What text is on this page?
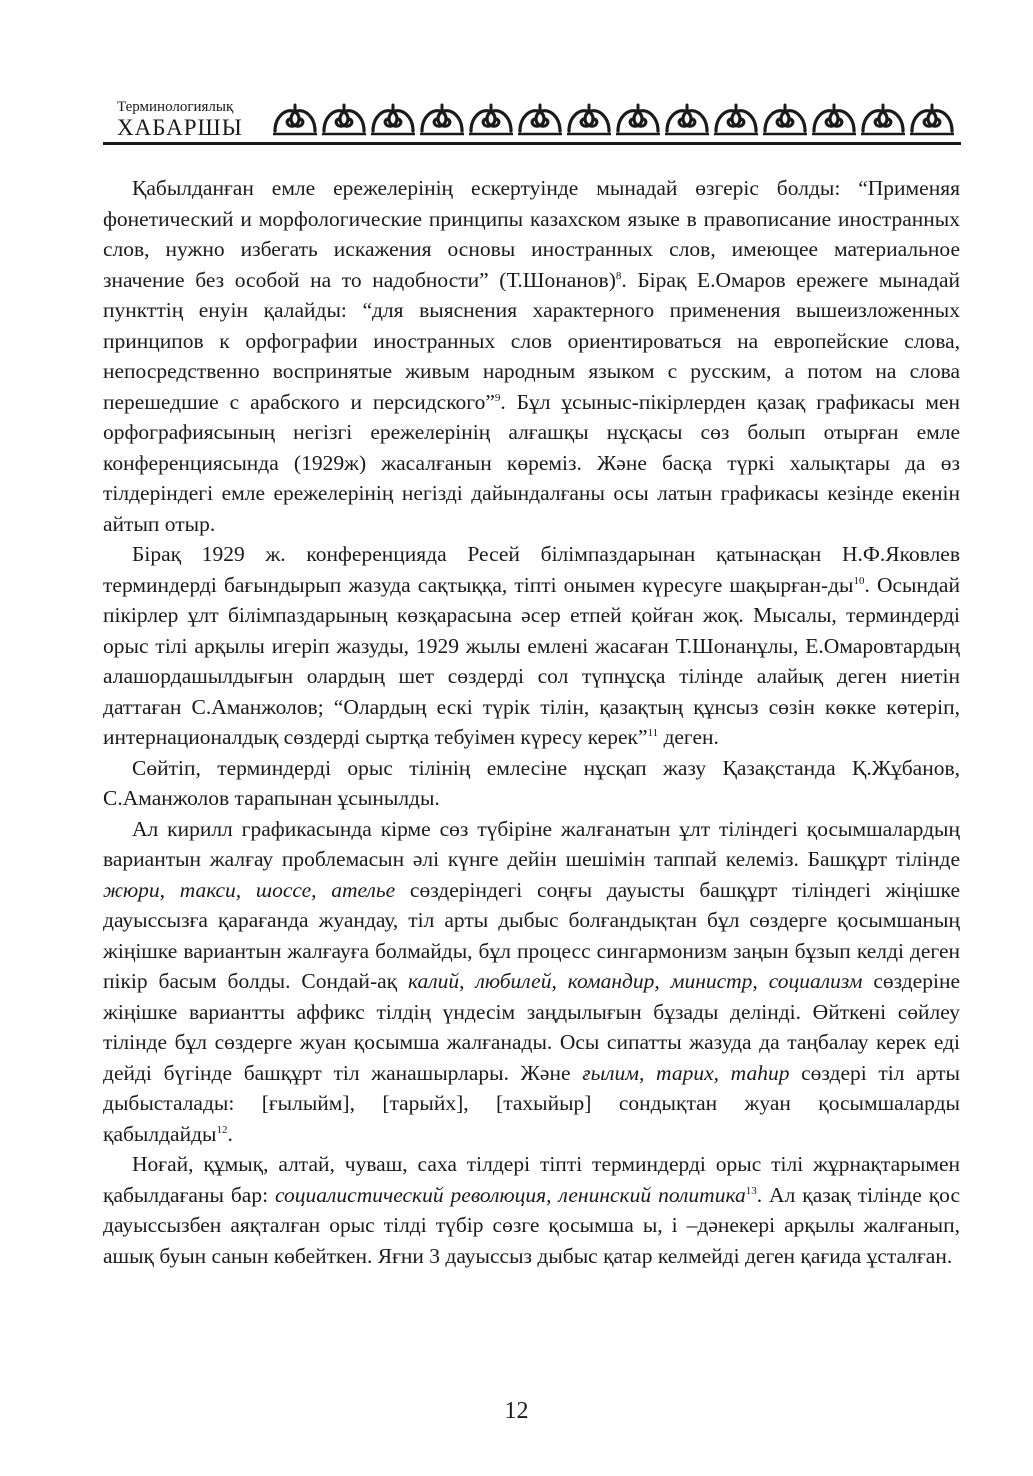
Терминологиялық
ХАБАРШЫ

Қабылданған емле ережелерінің ескертуінде мынадай өзгеріс болды: “Применяя фонетический и морфологические принципы казахском языке в правописание иностранных слов, нужно избегать искажения основы иностранных слов, имеющее материальное значение без особой на то надобности” (Т.Шонанов)$^8$. Бірақ Е.Омаров ережеге мынадай пункттің енуін қалайды: “для выяснения характерного применения вышеизложенных принципов к орфографии иностранных слов ориентироваться на европейские слова, непосредственно воспринятые живым народным языком с русским, а потом на слова перешедшие с арабского и персидского”$^9$. Бұл ұсыныс-пікірлерден қазақ графикасы мен орфографиясының негізгі ережелерінің алғашқы нұсқасы сөз болып отырған емле конференциясында (1929ж) жасалғанын көреміз. Және басқа түркі халықтары да өз тілдеріндегі емле ережелерінің негізді дайындалғаны осы латын графикасы кезінде екенін айтып отыр.

Бірақ 1929 ж. конференцияда Ресей білімпаздарынан қатынасқан Н.Ф.Яковлев терминдерді бағындырып жазуда сақтыққа, тіпті онымен күресуге шақырған-$ды^{10}$. Осындай пікірлер ұлт білімпаздарының көзқарасына әсер етпей қойған жоқ. Мысалы, терминдерді орыс тілі арқылы игеріп жазуды, 1929 жылы емлені жасаған Т.Шонанұлы, Е.Омаровтардың алашордашылдығын олардың шет сөздерді сол түпнұсқа тілінде алайық деген ниетін даттаған С.Аманжолов; “Олардың ескі түрік тілін, қазақтың құнсыз сөзін көкке көтеріп, интернационалдық сөздерді сыртқа тебуімен күресу керек”$^{11}$ деген.

Сөйтіп, терминдерді орыс тілінің емлесіне нұсқап жазу Қазақстанда Қ.Жұбанов, С.Аманжолов тарапынан ұсынылды.

Ал кирилл графикасында кірме сөз түбіріне жалғанатын ұлт тіліндегі қосымшалардың вариантын жалғау проблемасын әлі күнге дейін шешімін таппай келеміз. Башқұрт тілінде жюри, такси, шоссе, ателье сөздеріндегі соңғы дауысты башқұрт тіліндегі жіңішке дауыссызға қарағанда жуандау, тіл арты дыбыс болғандықтан бұл сөздерге қосымшаның жіңішке вариантын жалғауға болмайды, бұл процесс сингармонизм заңын бұзып келді деген пікір басым болды. Сондай-ақ калий, любилей, командир, министр, социализм сөздеріне жіңішке вариантты аффикс тілдің үндесім заңдылығын бұзады делінді. Өйткені сөйлеу тілінде бұл сөздерге жуан қосымша жалғанады. Осы сипатты жазуда да таңбалау керек еді дейді бүгінде башқұрт тіл жанашырлары. Және ғылим, тарих, таһир сөздері тіл арты дыбысталады: [ғылыйм], [тарыйх], [тахыйыр] сондықтан жуан қосымшаларды қабылдайды$^{12}$.

Ноғай, құмық, алтай, чуваш, саха тілдері тіпті терминдерді орыс тілі жұрнақтарымен қабылдағаны бар: социалистический революция, ленинский политика$^{13}$. Ал қазақ тілінде қос дауыссызбен аяқталған орыс тілді түбір сөзге қосымша ы, і –дәнекері арқылы жалғанып, ашық буын санын көбейткен. Яғни 3 дауыссыз дыбыс қатар келмейді деген қағида ұсталған.

12
